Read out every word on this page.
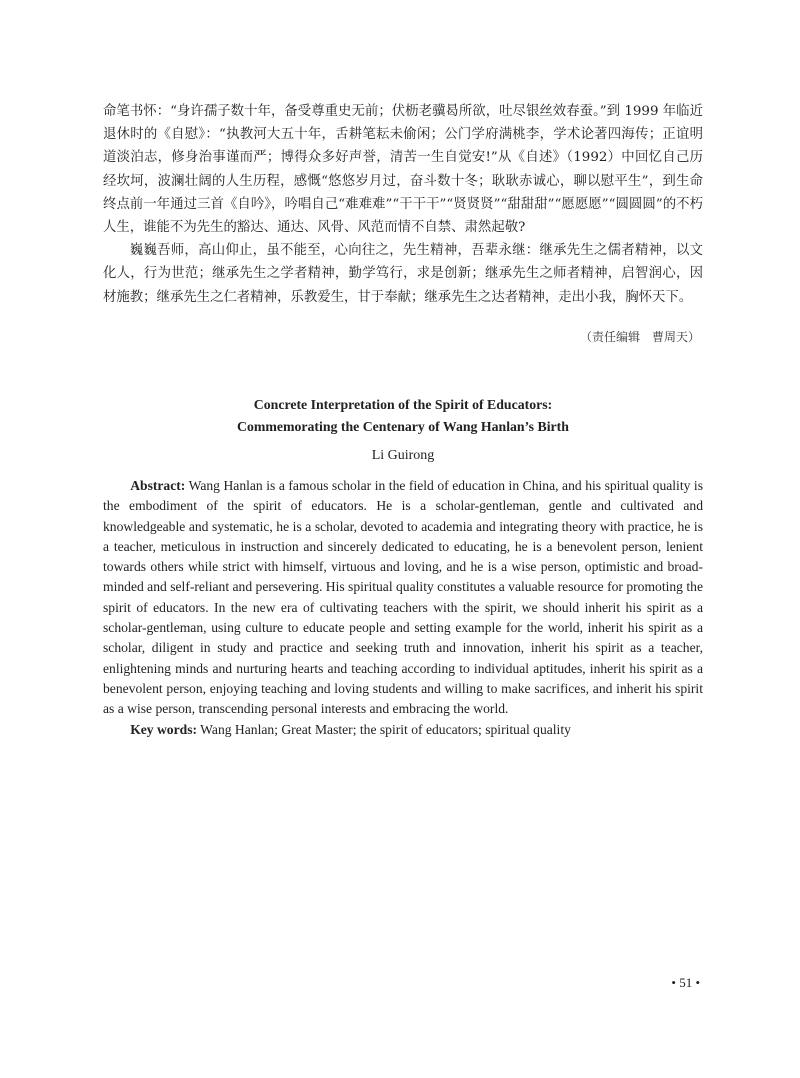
命笔书怀：“身许孺子数十年，备受尊重史无前；伏枥老骥曷所欲，吐尽银丝效春蚕。”到 1999 年临近退休时的《自慰》：“执教河大五十年，舌耕笔耘未偷闲；公门学府满桃李，学术论著四海传；正谊明道淡泊志，修身治事谨而严；博得众多好声誉，清苦一生自觉安!”从《自述》（1992）中回忆自己历经坎坷，波澜壮阔的人生历程，感慨“悠悠岁月过，奋斗数十冬；耿耿赤诚心，聊以慰平生”，到生命终点前一年通过三首《自吟》，吟唱自己“难难难”“干干干”“贤贤贤”“甜甜甜”“愿愿愿”“圆圆圆”的不朽人生，谁能不为先生的豁达、通达、风骨、风范而情不自禁、肃然起敬?

巍巍吾师，高山仰止，虽不能至，心向往之，先生精神，吾辈永继：继承先生之儒者精神，以文化人，行为世范；继承先生之学者精神，勤学笃行，求是创新；继承先生之师者精神，启智润心，因材施教；继承先生之仁者精神，乐教爱生，甘于奉献；继承先生之达者精神，走出小我，胸怀天下。

（责任编辑　曹周天）
Concrete Interpretation of the Spirit of Educators:
Commemorating the Centenary of Wang Hanlan’s Birth
Li Guirong

Abstract: Wang Hanlan is a famous scholar in the field of education in China, and his spiritual quality is the embodiment of the spirit of educators. He is a scholar-gentleman, gentle and cultivated and knowledgeable and systematic, he is a scholar, devoted to academia and integrating theory with practice, he is a teacher, meticulous in instruction and sincerely dedicated to educating, he is a benevolent person, lenient towards others while strict with himself, virtuous and loving, and he is a wise person, optimistic and broad-minded and self-reliant and persevering. His spiritual quality constitutes a valuable resource for promoting the spirit of educators. In the new era of cultivating teachers with the spirit, we should inherit his spirit as a scholar-gentleman, using culture to educate people and setting example for the world, inherit his spirit as a scholar, diligent in study and practice and seeking truth and innovation, inherit his spirit as a teacher, enlightening minds and nurturing hearts and teaching according to individual aptitudes, inherit his spirit as a benevolent person, enjoying teaching and loving students and willing to make sacrifices, and inherit his spirit as a wise person, transcending personal interests and embracing the world.

Key words: Wang Hanlan; Great Master; the spirit of educators; spiritual quality

• 51 •
